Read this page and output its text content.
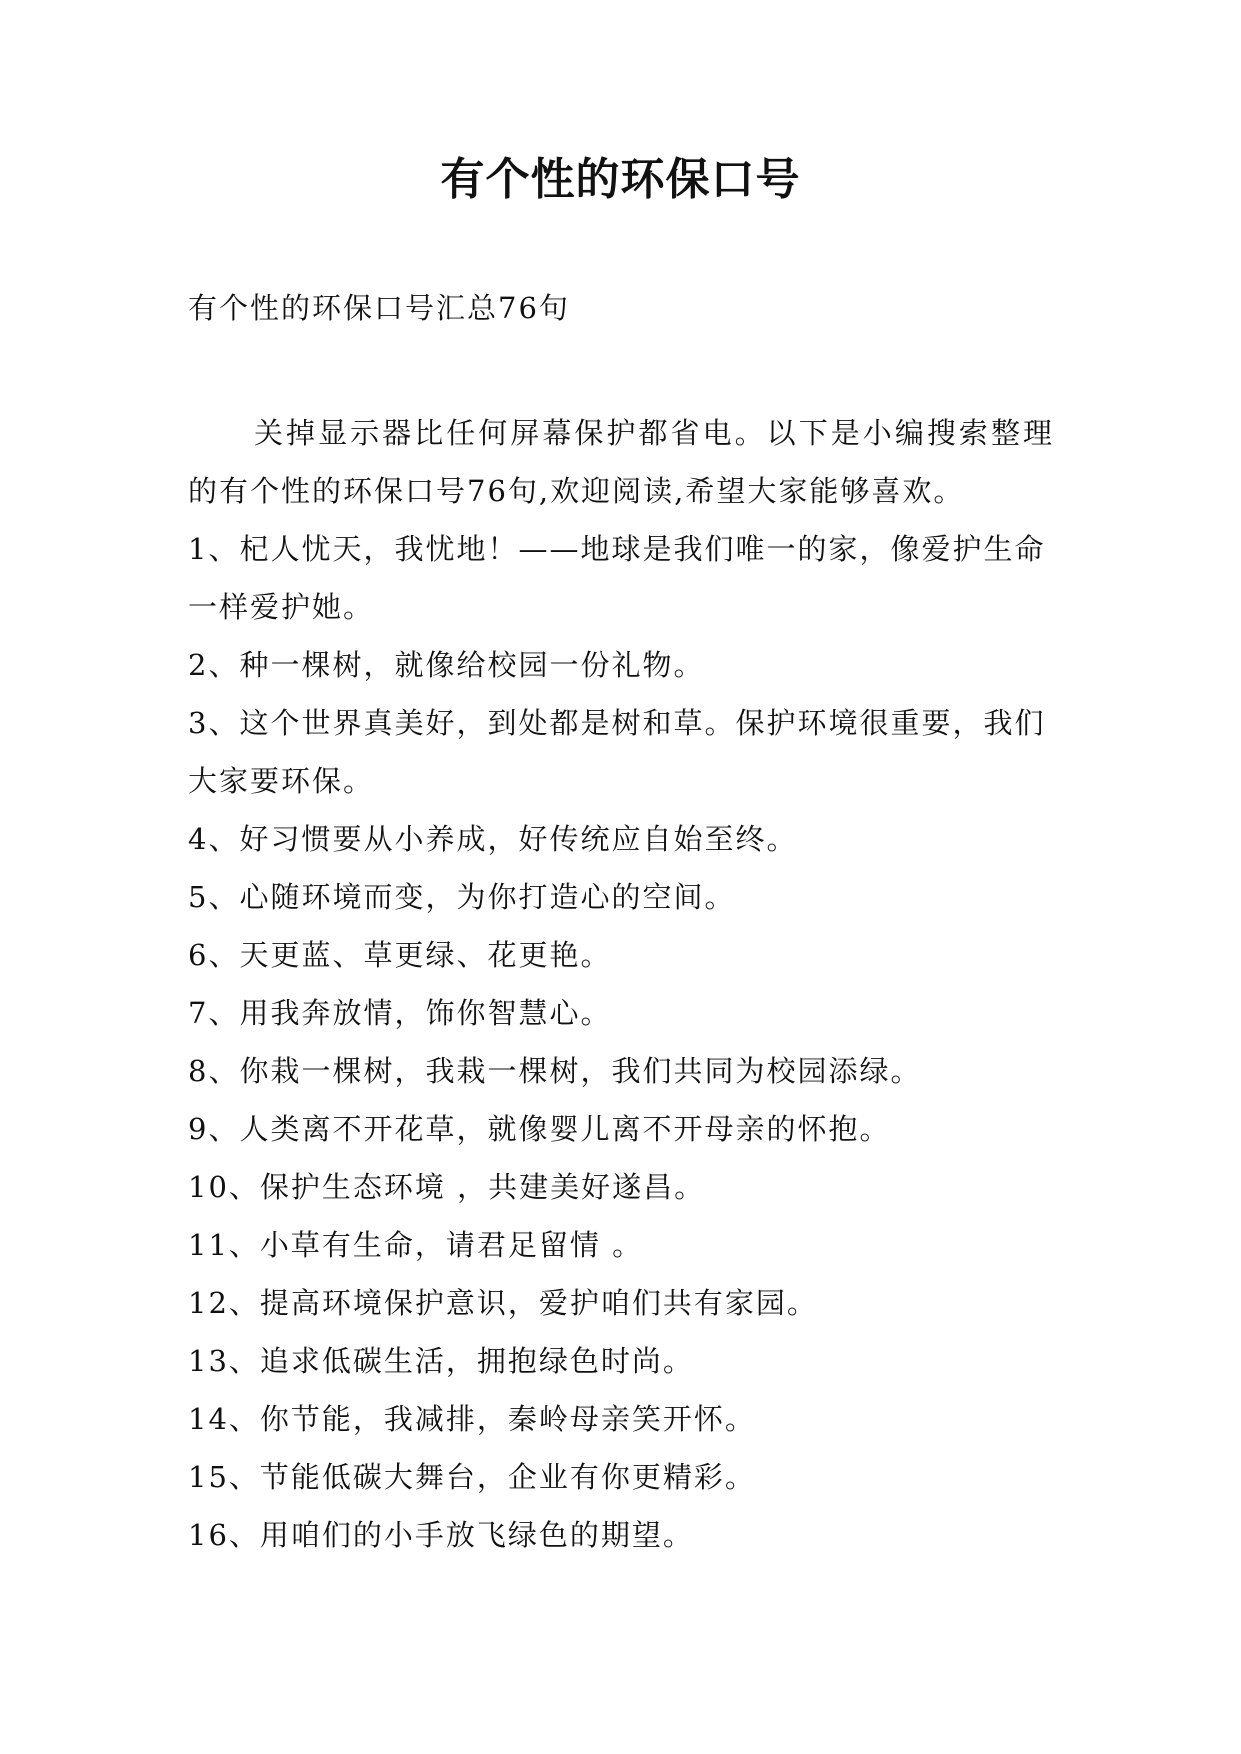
有个性的环保口号
有个性的环保口号汇总76句

关掉显示器比任何屏幕保护都省电。以下是小编搜索整理的有个性的环保口号76句,欢迎阅读,希望大家能够喜欢。

1、杞人忧天，我忧地！——地球是我们唯一的家，像爱护生命一样爱护她。

2、种一棵树，就像给校园一份礼物。

3、这个世界真美好，到处都是树和草。保护环境很重要，我们大家要环保。

4、好习惯要从小养成，好传统应自始至终。

5、心随环境而变，为你打造心的空间。

6、天更蓝、草更绿、花更艳。

7、用我奔放情，饰你智慧心。

8、你栽一棵树，我栽一棵树，我们共同为校园添绿。

9、人类离不开花草，就像婴儿离不开母亲的怀抱。

10、保护生态环境 ，共建美好遂昌。

11、小草有生命，请君足留情 。

12、提高环境保护意识，爱护咱们共有家园。

13、追求低碳生活，拥抱绿色时尚。

14、你节能，我减排，秦岭母亲笑开怀。

15、节能低碳大舞台，企业有你更精彩。

16、用咱们的小手放飞绿色的期望。
